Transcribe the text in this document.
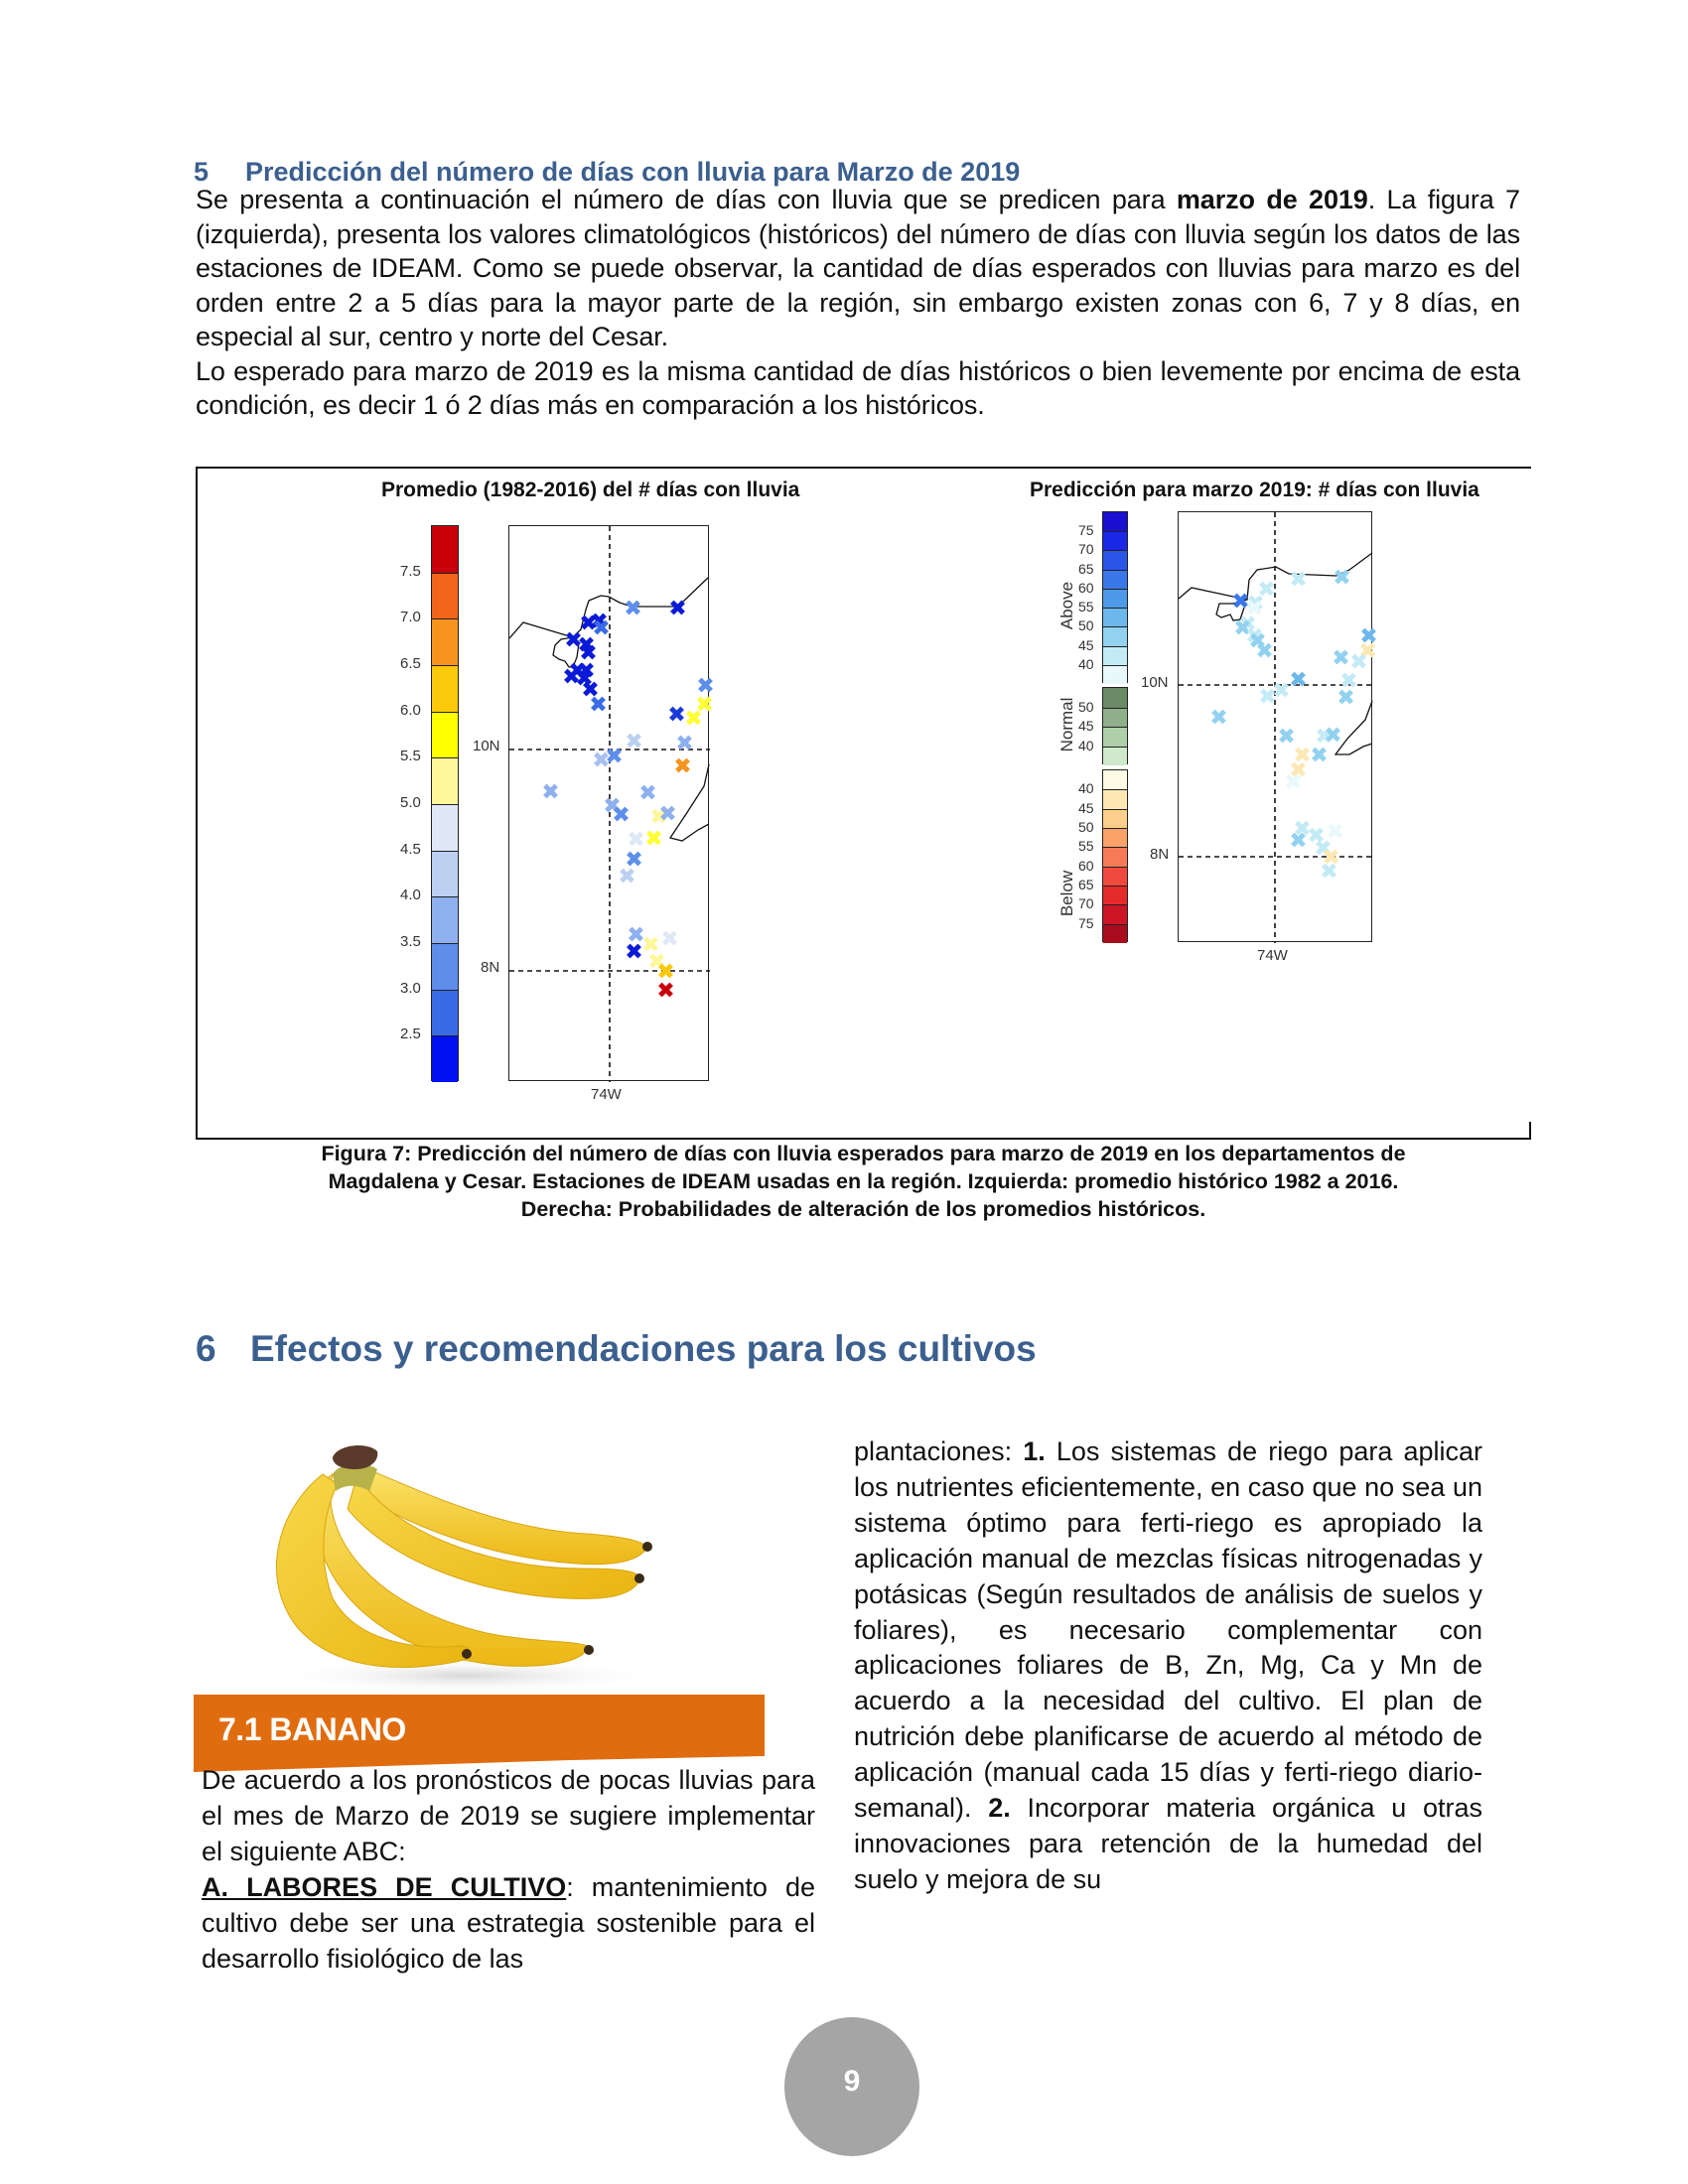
5 Predicción del número de días con lluvia para Marzo de 2019

Se presenta a continuación el número de días con lluvia que se predicen para marzo de 2019. La figura 7 (izquierda), presenta los valores climatológicos (históricos) del número de días con lluvia según los datos de las estaciones de IDEAM. Como se puede observar, la cantidad de días esperados con lluvias para marzo es del orden entre 2 a 5 días para la mayor parte de la región, sin embargo existen zonas con 6, 7 y 8 días, en especial al sur, centro y norte del Cesar.

Lo esperado para marzo de 2019 es la misma cantidad de días históricos o bien levemente por encima de esta condición, es decir 1 ó 2 días más en comparación a los históricos.

Promedio (1982-2016) del # días con lluvia
7.5
7.0
6.5
6.0
5.5
5.0
4.5
4.0
3.5
3.0
2.5
10N
8N
74W
Predicción para marzo 2019: # días con lluvia
75
70
65
60
55
50
45
40
50
45
40
40
45
50
55
60
65
70
75
Above
Normal
Below
10N
8N
74W
Figura 7: Predicción del número de días con lluvia esperados para marzo de 2019 en los departamentos de
Magdalena y Cesar. Estaciones de IDEAM usadas en la región. Izquierda: promedio histórico 1982 a 2016.
Derecha: Probabilidades de alteración de los promedios históricos.
6 Efectos y recomendaciones para los cultivos
7.1 BANANO

De acuerdo a los pronósticos de pocas lluvias para el mes de Marzo de 2019 se sugiere implementar el siguiente ABC:

A. LABORES DE CULTIVO: mantenimiento de cultivo debe ser una estrategia sostenible para el desarrollo fisiológico de las

plantaciones: 1. Los sistemas de riego para aplicar los nutrientes eficientemente, en caso que no sea un sistema óptimo para ferti-riego es apropiado la aplicación manual de mezclas físicas nitrogenadas y potásicas (Según resultados de análisis de suelos y foliares), es necesario complementar con aplicaciones foliares de B, Zn, Mg, Ca y Mn de acuerdo a la necesidad del cultivo. El plan de nutrición debe planificarse de acuerdo al método de aplicación (manual cada 15 días y ferti-riego diario-semanal). 2. Incorporar materia orgánica u otras innovaciones para retención de la humedad del suelo y mejora de su

9
